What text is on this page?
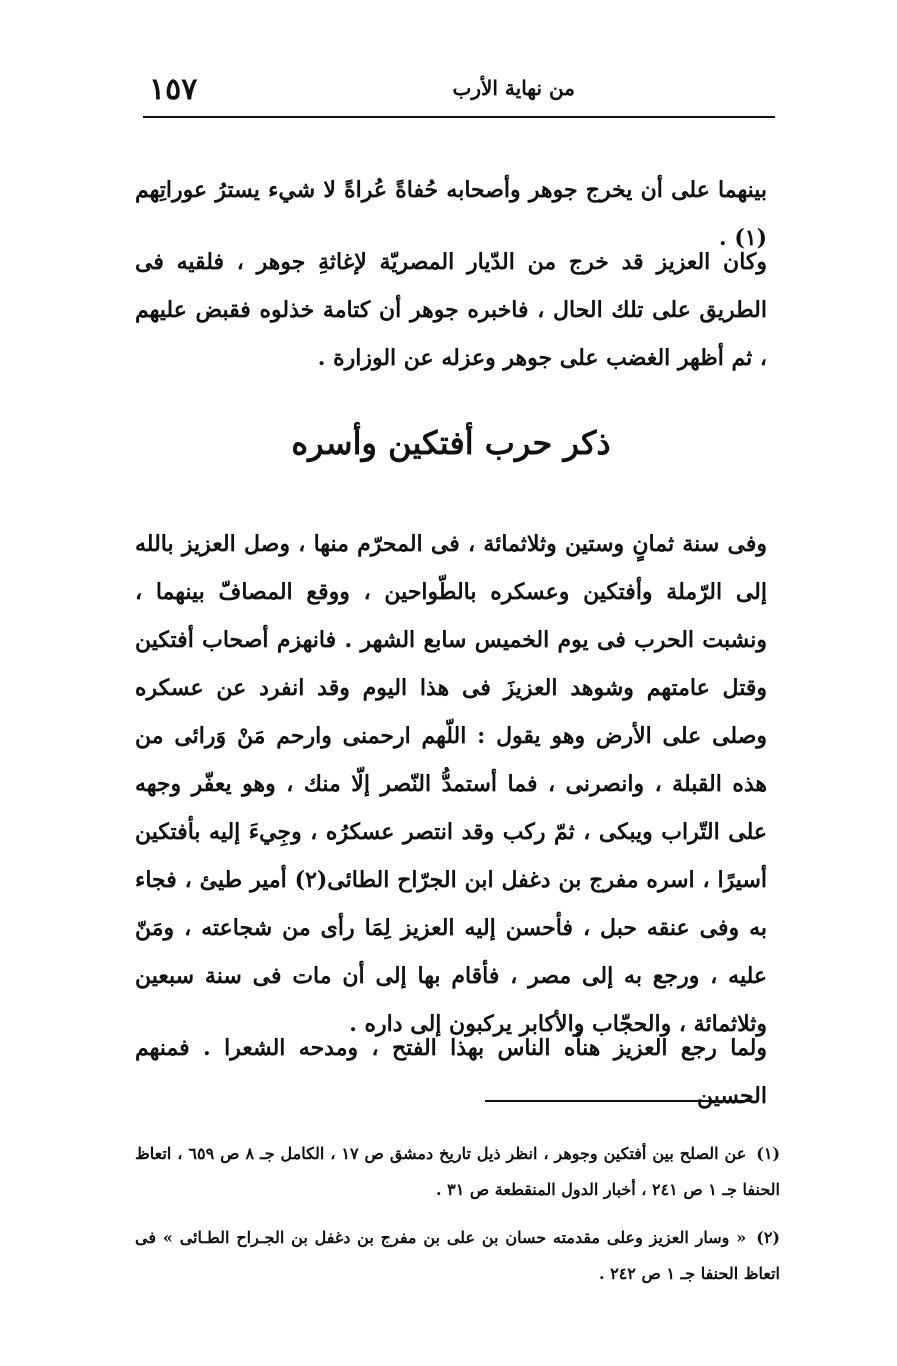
١٥٧	من نهاية الأرب
بينهما على أن يخرج جوهر وأصحابه حُفاةً عُراةً لا شيء يسترُ عوراتِهم (١) .
وكان العزيز قد خرج من الدّيار المصريّة لإغاثةِ جوهر ، فلقيه فى الطريق على تلك الحال ، فاخبره جوهر أن كتامة خذلوه فقبض عليهم ، ثم أظهر الغضب على جوهر وعزله عن الوزارة .
ذكر حرب أفتكين وأسره
وفى سنة ثمانٍ وستين وثلاثمائة ، فى المحرّم منها ، وصل العزيز بالله إلى الرّملة وأفتكين وعسكره بالطّواحين ، ووقع المصافّ بينهما ، ونشبت الحرب فى يوم الخميس سابع الشهر . فانهزم أصحاب أفتكين وقتل عامتهم وشوهد العزيزَ فى هذا اليوم وقد انفرد عن عسكره وصلى على الأرض وهو يقول : اللّهم ارحمنى وارحم مَنْ وَرائى من هذه القبلة ، وانصرنى ، فما أستمدُّ النّصر إلّا منك ، وهو يعفّر وجهه على التّراب ويبكى ، ثمّ ركب وقد انتصر عسكرُه ، وجِيءَ إليه بأفتكين أسيرًا ، اسره مفرج بن دغفل ابن الجرّاح الطائى(٢) أمير طيئ ، فجاء به وفى عنقه حبل ، فأحسن إليه العزيز لِمَا رأى من شجاعته ، ومَنّ عليه ، ورجع به إلى مصر ، فأقام بها إلى أن مات فى سنة سبعين وثلاثمائة ، والحجّاب والأكابر يركبون إلى داره .
ولما رجع العزيز هنأه الناس بهذا الفتح ، ومدحه الشعرا . فمنهم الحسين
(١)عن الصلح بين أفتكين وجوهر ، انظر ذيل تاريخ دمشق ص ١٧ ، الكامل جـ ٨ ص ٦٥٩ ، اتعاظ الحنفا جـ ١ ص ٢٤١ ، أخبار الدول المنقطعة ص ٣١ .
(٢)« وسار العزيز وعلى مقدمته حسان بن على بن مفرج بن دغفل بن الجـراح الطـائى » فى اتعاظ الحنفا جـ ١ ص ٢٤٢ .
